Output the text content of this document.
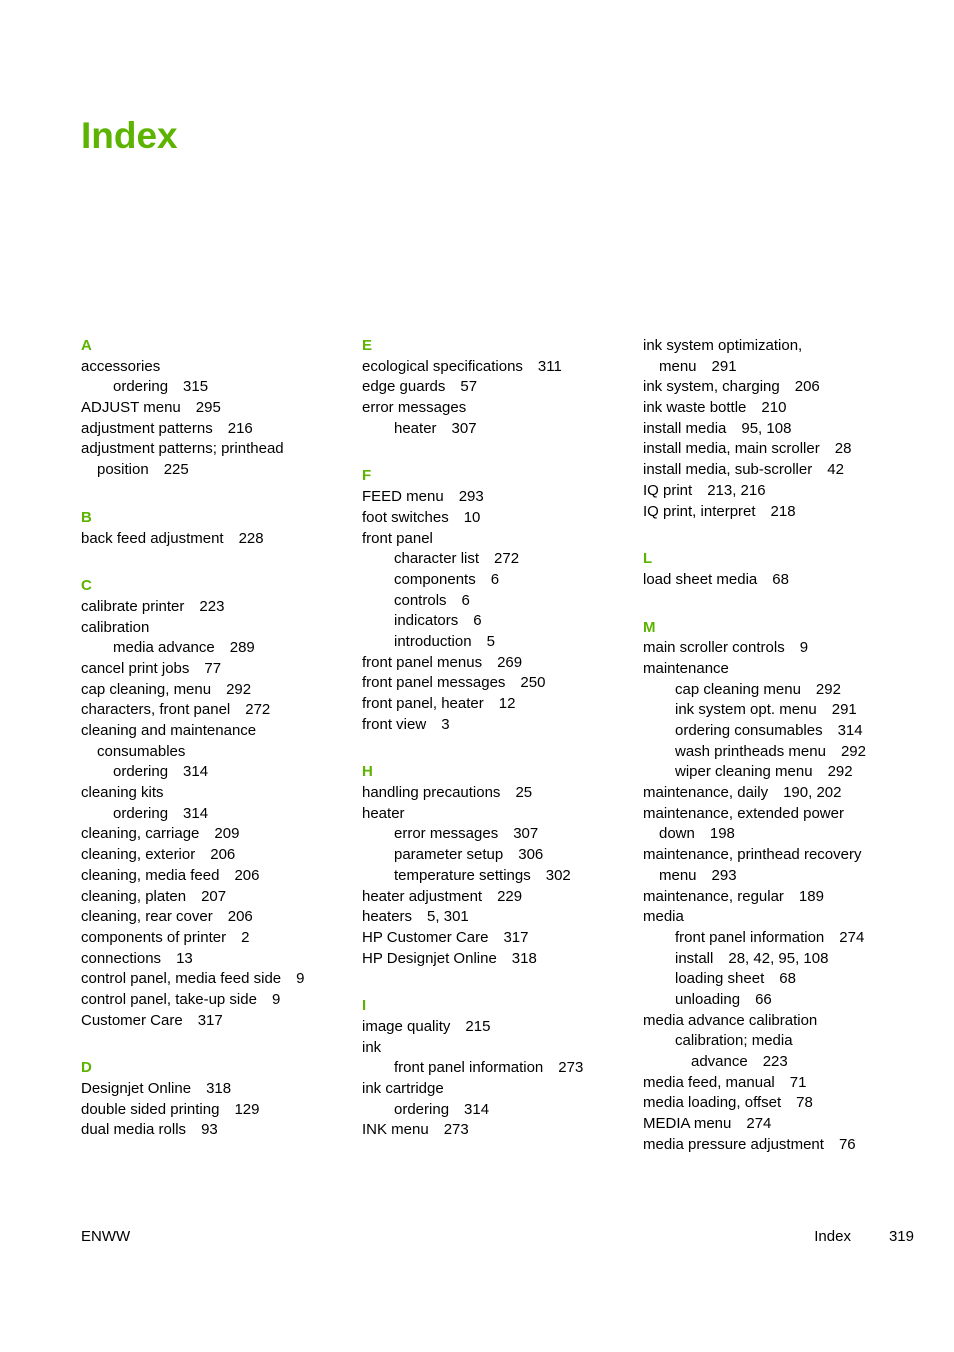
Index
A
accessories
ordering 315
ADJUST menu 295
adjustment patterns 216
adjustment patterns; printhead
position 225
B
back feed adjustment 228
C
calibrate printer 223
calibration
media advance 289
cancel print jobs 77
cap cleaning, menu 292
characters, front panel 272
cleaning and maintenance
consumables
ordering 314
cleaning kits
ordering 314
cleaning, carriage 209
cleaning, exterior 206
cleaning, media feed 206
cleaning, platen 207
cleaning, rear cover 206
components of printer 2
connections 13
control panel, media feed side 9
control panel, take-up side 9
Customer Care 317
D
Designjet Online 318
double sided printing 129
dual media rolls 93
E
ecological specifications 311
edge guards 57
error messages
heater 307
F
FEED menu 293
foot switches 10
front panel
character list 272
components 6
controls 6
indicators 6
introduction 5
front panel menus 269
front panel messages 250
front panel, heater 12
front view 3
H
handling precautions 25
heater
error messages 307
parameter setup 306
temperature settings 302
heater adjustment 229
heaters 5, 301
HP Customer Care 317
HP Designjet Online 318
I
image quality 215
ink
front panel information 273
ink cartridge
ordering 314
INK menu 273
ink system optimization,
menu 291
ink system, charging 206
ink waste bottle 210
install media 95, 108
install media, main scroller 28
install media, sub-scroller 42
IQ print 213, 216
IQ print, interpret 218
L
load sheet media 68
M
main scroller controls 9
maintenance
cap cleaning menu 292
ink system opt. menu 291
ordering consumables 314
wash printheads menu 292
wiper cleaning menu 292
maintenance, daily 190, 202
maintenance, extended power
down 198
maintenance, printhead recovery
menu 293
maintenance, regular 189
media
front panel information 274
install 28, 42, 95, 108
loading sheet 68
unloading 66
media advance calibration
calibration; media
advance 223
media feed, manual 71
media loading, offset 78
MEDIA menu 274
media pressure adjustment 76
ENWW	Index	319
